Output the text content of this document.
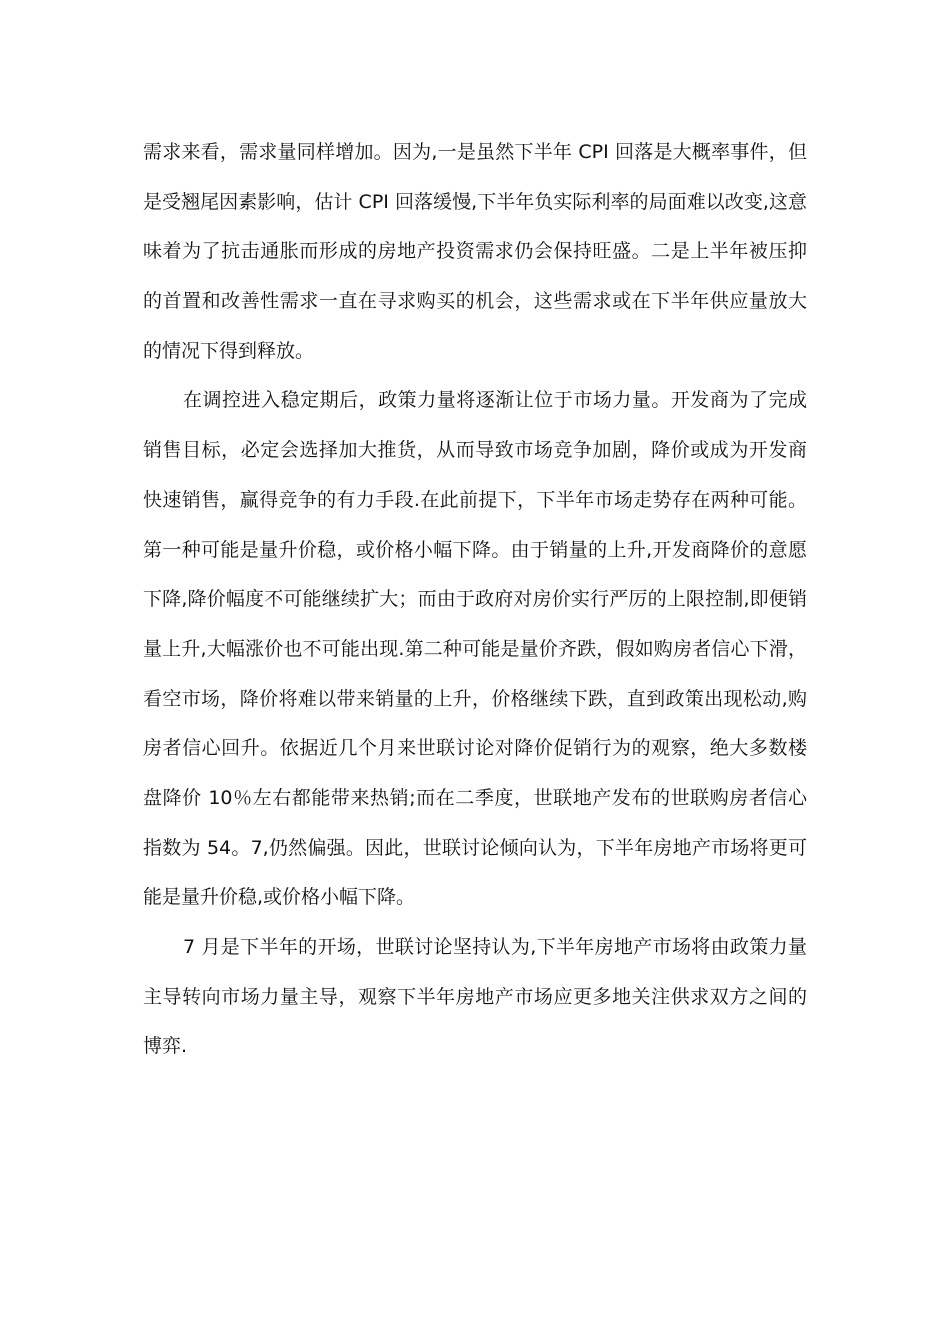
需求来看，需求量同样增加。因为,一是虽然下半年 CPI 回落是大概率事件，但
是受翘尾因素影响，估计 CPI 回落缓慢,下半年负实际利率的局面难以改变,这意
味着为了抗击通胀而形成的房地产投资需求仍会保持旺盛。二是上半年被压抑
的首置和改善性需求一直在寻求购买的机会，这些需求或在下半年供应量放大
的情况下得到释放。
在调控进入稳定期后，政策力量将逐渐让位于市场力量。开发商为了完成
销售目标，必定会选择加大推货，从而导致市场竞争加剧，降价或成为开发商
快速销售，赢得竞争的有力手段.在此前提下，下半年市场走势存在两种可能。
第一种可能是量升价稳，或价格小幅下降。由于销量的上升,开发商降价的意愿
下降,降价幅度不可能继续扩大；而由于政府对房价实行严厉的上限控制,即便销
量上升,大幅涨价也不可能出现.第二种可能是量价齐跌，假如购房者信心下滑，
看空市场，降价将难以带来销量的上升，价格继续下跌，直到政策出现松动,购
房者信心回升。依据近几个月来世联讨论对降价促销行为的观察，绝大多数楼
盘降价 10％左右都能带来热销;而在二季度，世联地产发布的世联购房者信心
指数为 54。7,仍然偏强。因此，世联讨论倾向认为，下半年房地产市场将更可
能是量升价稳,或价格小幅下降。
7 月是下半年的开场，世联讨论坚持认为,下半年房地产市场将由政策力量
主导转向市场力量主导，观察下半年房地产市场应更多地关注供求双方之间的
博弈.
